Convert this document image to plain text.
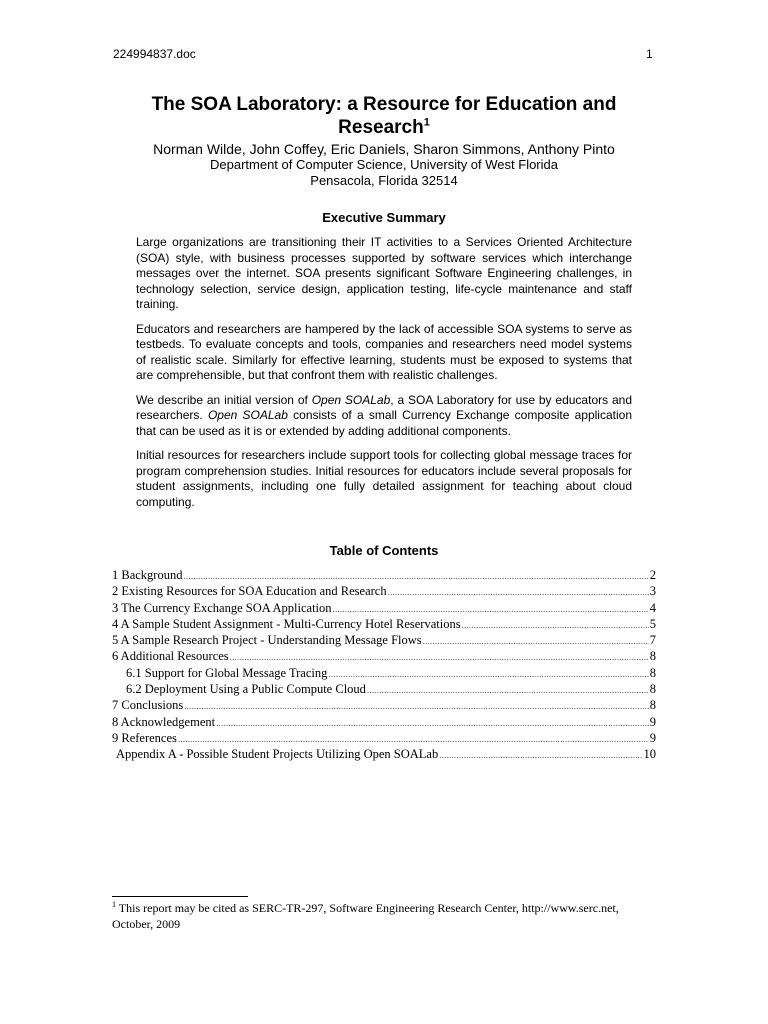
224994837.doc	1
The SOA Laboratory: a Resource for Education and Research$^1$
Norman Wilde, John Coffey, Eric Daniels, Sharon Simmons, Anthony Pinto
Department of Computer Science, University of West Florida
Pensacola, Florida 32514
Executive Summary

Large organizations are transitioning their IT activities to a Services Oriented Architecture (SOA) style, with business processes supported by software services which interchange messages over the internet. SOA presents significant Software Engineering challenges, in technology selection, service design, application testing, life-cycle maintenance and staff training.

Educators and researchers are hampered by the lack of accessible SOA systems to serve as testbeds. To evaluate concepts and tools, companies and researchers need model systems of realistic scale. Similarly for effective learning, students must be exposed to systems that are comprehensible, but that confront them with realistic challenges.

We describe an initial version of Open SOALab, a SOA Laboratory for use by educators and researchers. Open SOALab consists of a small Currency Exchange composite application that can be used as it is or extended by adding additional components.

Initial resources for researchers include support tools for collecting global message traces for program comprehension studies. Initial resources for educators include several proposals for student assignments, including one fully detailed assignment for teaching about cloud computing.

Table of Contents
1 Background .....	2
2 Existing Resources for SOA Education and Research .....	3
3 The Currency Exchange SOA Application .....	4
4 A Sample Student Assignment - Multi-Currency Hotel Reservations .....	5
5 A Sample Research Project - Understanding Message Flows .....	7
6 Additional Resources .....	8
6.1 Support for Global Message Tracing .....	8
6.2 Deployment Using a Public Compute Cloud .....	8
7 Conclusions .....	8
8 Acknowledgement .....	9
9 References .....	9
Appendix A - Possible Student Projects Utilizing Open SOALab .....	10
$^1$ This report may be cited as SERC-TR-297, Software Engineering Research Center, http://www.serc.net, October, 2009
